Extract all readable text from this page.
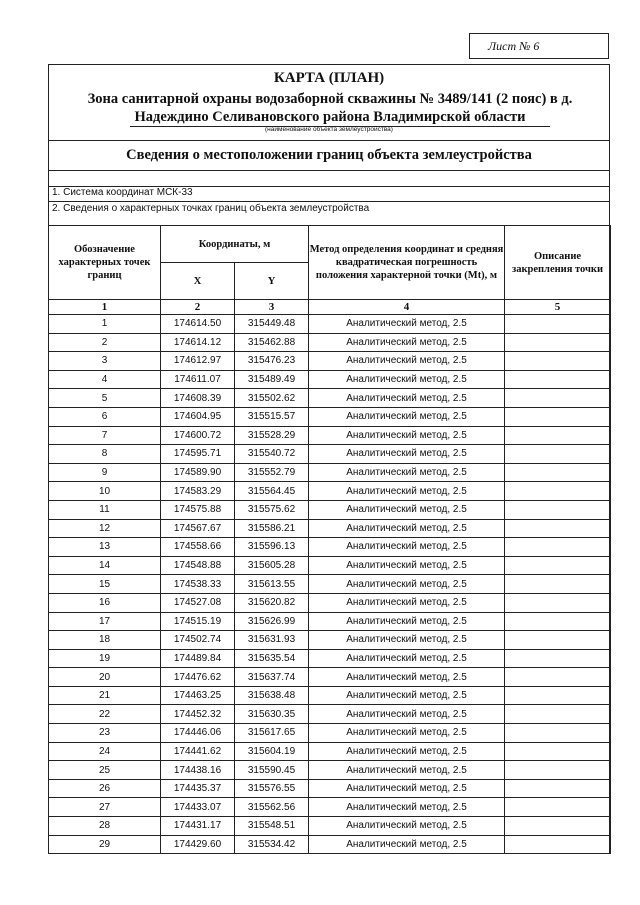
Лист № 6
КАРТА (ПЛАН)
Зона санитарной охраны водозаборной скважины № 3489/141 (2 пояс) в д. Надеждино Селивановского района Владимирской области
(наименование объекта землеустройства)
Сведения о местоположении границ объекта землеустройства
1. Система координат МСК-33
2. Сведения о характерных точках границ объекта землеустройства
Обозначение характерных точек границ	Координаты, м		Метод определения координат и средняя квадратическая погрешность положения характерной точки (Mt), м	Описание закрепления точки
	X	Y		
1	2	3	4	5
1	174614.50	315449.48	Аналитический метод, 2.5	
2	174614.12	315462.88	Аналитический метод, 2.5	
3	174612.97	315476.23	Аналитический метод, 2.5	
4	174611.07	315489.49	Аналитический метод, 2.5	
5	174608.39	315502.62	Аналитический метод, 2.5	
6	174604.95	315515.57	Аналитический метод, 2.5	
7	174600.72	315528.29	Аналитический метод, 2.5	
8	174595.71	315540.72	Аналитический метод, 2.5	
9	174589.90	315552.79	Аналитический метод, 2.5	
10	174583.29	315564.45	Аналитический метод, 2.5	
11	174575.88	315575.62	Аналитический метод, 2.5	
12	174567.67	315586.21	Аналитический метод, 2.5	
13	174558.66	315596.13	Аналитический метод, 2.5	
14	174548.88	315605.28	Аналитический метод, 2.5	
15	174538.33	315613.55	Аналитический метод, 2.5	
16	174527.08	315620.82	Аналитический метод, 2.5	
17	174515.19	315626.99	Аналитический метод, 2.5	
18	174502.74	315631.93	Аналитический метод, 2.5	
19	174489.84	315635.54	Аналитический метод, 2.5	
20	174476.62	315637.74	Аналитический метод, 2.5	
21	174463.25	315638.48	Аналитический метод, 2.5	
22	174452.32	315630.35	Аналитический метод, 2.5	
23	174446.06	315617.65	Аналитический метод, 2.5	
24	174441.62	315604.19	Аналитический метод, 2.5	
25	174438.16	315590.45	Аналитический метод, 2.5	
26	174435.37	315576.55	Аналитический метод, 2.5	
27	174433.07	315562.56	Аналитический метод, 2.5	
28	174431.17	315548.51	Аналитический метод, 2.5	
29	174429.60	315534.42	Аналитический метод, 2.5	
